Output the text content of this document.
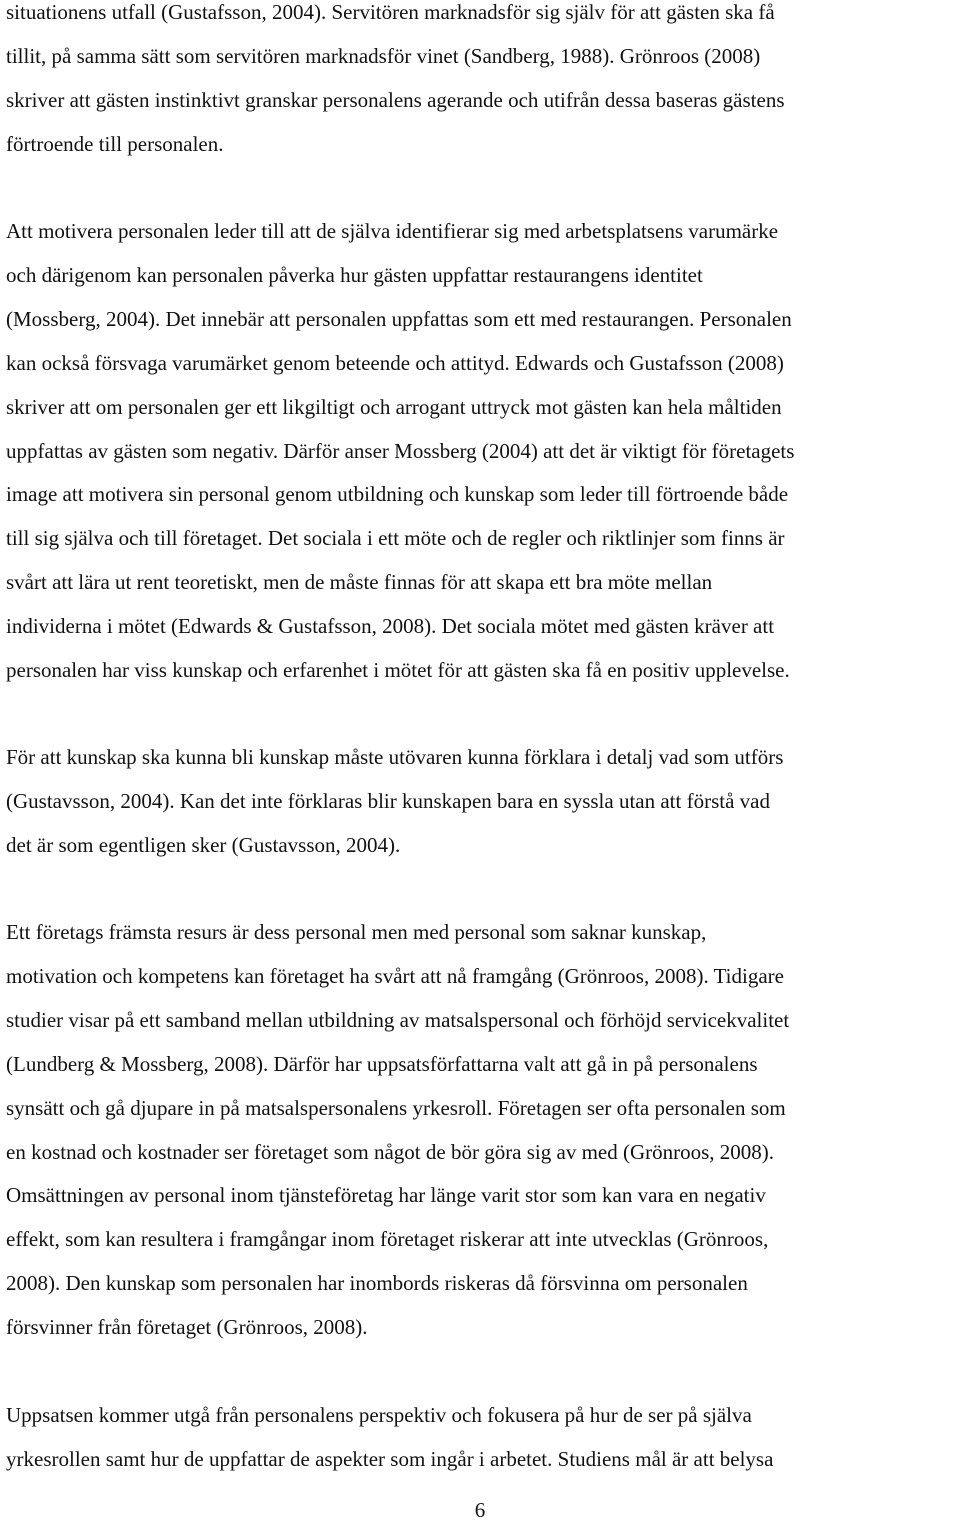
situationens utfall (Gustafsson, 2004). Servitören marknadsför sig själv för att gästen ska få
tillit, på samma sätt som servitören marknadsför vinet (Sandberg, 1988). Grönroos (2008)
skriver att gästen instinktivt granskar personalens agerande och utifrån dessa baseras gästens
förtroende till personalen.
Att motivera personalen leder till att de själva identifierar sig med arbetsplatsens varumärke
och därigenom kan personalen påverka hur gästen uppfattar restaurangens identitet
(Mossberg, 2004). Det innebär att personalen uppfattas som ett med restaurangen. Personalen
kan också försvaga varumärket genom beteende och attityd. Edwards och Gustafsson (2008)
skriver att om personalen ger ett likgiltigt och arrogant uttryck mot gästen kan hela måltiden
uppfattas av gästen som negativ. Därför anser Mossberg (2004) att det är viktigt för företagets
image att motivera sin personal genom utbildning och kunskap som leder till förtroende både
till sig själva och till företaget. Det sociala i ett möte och de regler och riktlinjer som finns är
svårt att lära ut rent teoretiskt, men de måste finnas för att skapa ett bra möte mellan
individerna i mötet (Edwards & Gustafsson, 2008). Det sociala mötet med gästen kräver att
personalen har viss kunskap och erfarenhet i mötet för att gästen ska få en positiv upplevelse.
För att kunskap ska kunna bli kunskap måste utövaren kunna förklara i detalj vad som utförs
(Gustavsson, 2004). Kan det inte förklaras blir kunskapen bara en syssla utan att förstå vad
det är som egentligen sker (Gustavsson, 2004).
Ett företags främsta resurs är dess personal men med personal som saknar kunskap,
motivation och kompetens kan företaget ha svårt att nå framgång (Grönroos, 2008). Tidigare
studier visar på ett samband mellan utbildning av matsalspersonal och förhöjd servicekvalitet
(Lundberg & Mossberg, 2008). Därför har uppsatsförfattarna valt att gå in på personalens
synsätt och gå djupare in på matsalspersonalens yrkesroll. Företagen ser ofta personalen som
en kostnad och kostnader ser företaget som något de bör göra sig av med (Grönroos, 2008).
Omsättningen av personal inom tjänsteföretag har länge varit stor som kan vara en negativ
effekt, som kan resultera i framgångar inom företaget riskerar att inte utvecklas (Grönroos,
2008). Den kunskap som personalen har inombords riskeras då försvinna om personalen
försvinner från företaget (Grönroos, 2008).
Uppsatsen kommer utgå från personalens perspektiv och fokusera på hur de ser på själva
yrkesrollen samt hur de uppfattar de aspekter som ingår i arbetet. Studiens mål är att belysa
6
